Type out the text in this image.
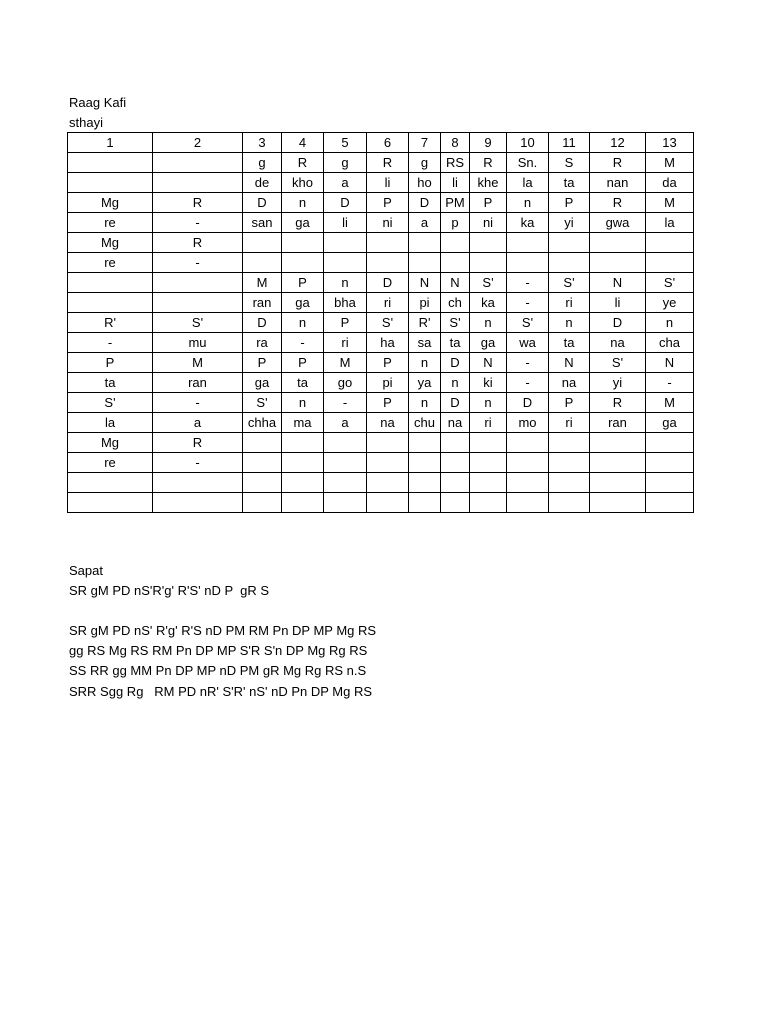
Raag Kafi
sthayi
1	2	3	4	5	6	7	8	9	10	11	12	13
		g	R	g	R	g	RS	R	Sn.	S	R	M
		de	kho	a	li	ho	li	khe	la	ta	nan	da
Mg	R	D	n	D	P	D	PM	P	n	P	R	M
re	-	san	ga	li	ni	a	p	ni	ka	yi	gwa	la
Mg	R											
re	-											
		M	P	n	D	N	N	S'	-	S'	N	S'
		ran	ga	bha	ri	pi	ch	ka	-	ri	li	ye
R'	S'	D	n	P	S'	R'	S'	n	S'	n	D	n
-	mu	ra	-	ri	ha	sa	ta	ga	wa	ta	na	cha
P	M	P	P	M	P	n	D	N	-	N	S'	N
ta	ran	ga	ta	go	pi	ya	n	ki	-	na	yi	-
S'	-	S'	n	-	P	n	D	n	D	P	R	M
la	a	chha	ma	a	na	chu	na	ri	mo	ri	ran	ga
Mg	R											
re	-											

Sapat
SR gM PD nS'R'g' R'S' nD P  gR S
SR gM PD nS' R'g' R'S nD PM RM Pn DP MP Mg RS
gg RS Mg RS RM Pn DP MP S'R S'n DP Mg Rg RS
SS RR gg MM Pn DP MP nD PM gR Mg Rg RS n.S
SRR Sgg Rg   RM PD nR' S'R' nS' nD Pn DP Mg RS
